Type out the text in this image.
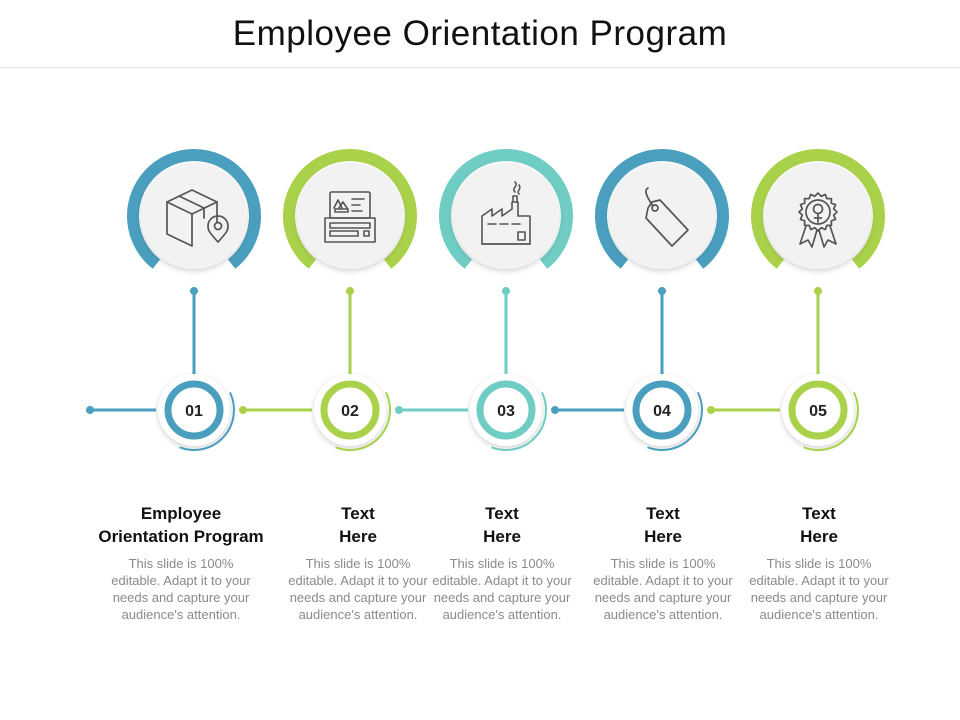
Employee Orientation Program
01	02	03	04	05
Employee
Orientation Program
This slide is 100% editable. Adapt it to your needs and capture your audience's attention.
Text
Here
This slide is 100% editable. Adapt it to your needs and capture your audience's attention.
Text
Here
This slide is 100% editable. Adapt it to your needs and capture your audience's attention.
Text
Here
This slide is 100% editable. Adapt it to your needs and capture your audience's attention.
Text
Here
This slide is 100% editable. Adapt it to your needs and capture your audience's attention.
